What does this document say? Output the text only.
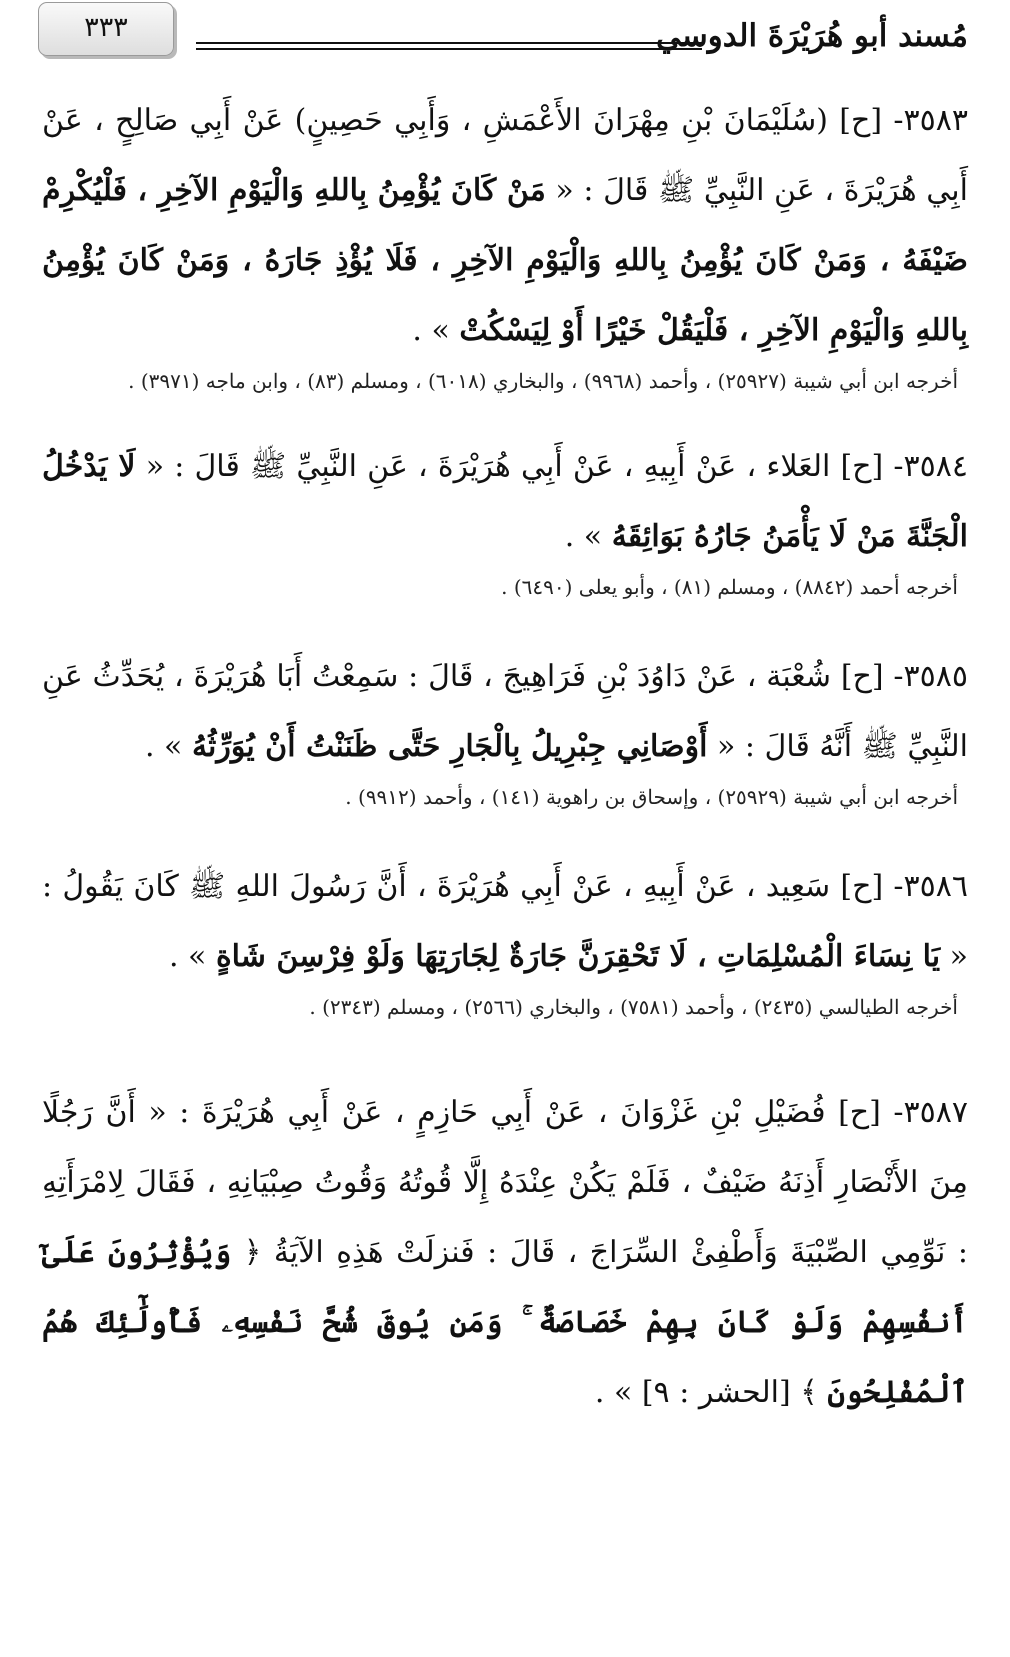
مُسند أبو هُرَيْرَةَ الدوسي
٣٣٣

٣٥٨٣- [ح] (سُلَيْمَانَ بْنِ مِهْرَانَ الأَعْمَشِ ، وَأَبِي حَصِينٍ) عَنْ أَبِي صَالِحٍ ، عَنْ أَبِي هُرَيْرَةَ ، عَنِ النَّبِيِّ ﷺ قَالَ : « مَنْ كَانَ يُؤْمِنُ بِاللهِ وَالْيَوْمِ الآخِرِ ، فَلْيُكْرِمْ ضَيْفَهُ ، وَمَنْ كَانَ يُؤْمِنُ بِاللهِ وَالْيَوْمِ الآخِرِ ، فَلَا يُؤْذِ جَارَهُ ، وَمَنْ كَانَ يُؤْمِنُ بِاللهِ وَالْيَوْمِ الآخِرِ ، فَلْيَقُلْ خَيْرًا أَوْ لِيَسْكُتْ » .

أخرجه ابن أبي شيبة (٢٥٩٢٧) ، وأحمد (٩٩٦٨) ، والبخاري (٦٠١٨) ، ومسلم (٨٣) ، وابن ماجه (٣٩٧١) .

٣٥٨٤- [ح] العَلاء ، عَنْ أَبِيهِ ، عَنْ أَبِي هُرَيْرَةَ ، عَنِ النَّبِيِّ ﷺ قَالَ : « لَا يَدْخُلُ الْجَنَّةَ مَنْ لَا يَأْمَنُ جَارُهُ بَوَائِقَهُ » .

أخرجه أحمد (٨٨٤٢) ، ومسلم (٨١) ، وأبو يعلى (٦٤٩٠) .

٣٥٨٥- [ح] شُعْبَة ، عَنْ دَاوُدَ بْنِ فَرَاهِيجَ ، قَالَ : سَمِعْتُ أَبَا هُرَيْرَةَ ، يُحَدِّثُ عَنِ النَّبِيِّ ﷺ أَنَّهُ قَالَ : « أَوْصَانِي جِبْرِيلُ بِالْجَارِ حَتَّى ظَنَنْتُ أَنْ يُوَرِّثُهُ » .

أخرجه ابن أبي شيبة (٢٥٩٢٩) ، وإسحاق بن راهوية (١٤١) ، وأحمد (٩٩١٢) .

٣٥٨٦- [ح] سَعِيد ، عَنْ أَبِيهِ ، عَنْ أَبِي هُرَيْرَةَ ، أَنَّ رَسُولَ اللهِ ﷺ كَانَ يَقُولُ : « يَا نِسَاءَ الْمُسْلِمَاتِ ، لَا تَحْقِرَنَّ جَارَةٌ لِجَارَتِهَا وَلَوْ فِرْسِنَ شَاةٍ » .

أخرجه الطيالسي (٢٤٣٥) ، وأحمد (٧٥٨١) ، والبخاري (٢٥٦٦) ، ومسلم (٢٣٤٣) .

٣٥٨٧- [ح] فُضَيْلِ بْنِ غَزْوَانَ ، عَنْ أَبِي حَازِمٍ ، عَنْ أَبِي هُرَيْرَةَ : « أَنَّ رَجُلًا مِنَ الأَنْصَارِ أَذِنَهُ ضَيْفٌ ، فَلَمْ يَكُنْ عِنْدَهُ إِلَّا قُوتُهُ وَقُوتُ صِبْيَانِهِ ، فَقَالَ لِامْرَأَتِهِ : نَوِّمِي الصِّبْيَةَ وَأَطْفِئْ السِّرَاجَ ، قَالَ : فَنزلَتْ هَذِهِ الآيَةُ ﴿ وَيُؤْثِرُونَ عَلَىٰٓ أَنفُسِهِمْ وَلَوْ كَانَ بِهِمْ خَصَاصَةٌ ۚ وَمَن يُوقَ شُحَّ نَفْسِهِۦ فَأُولَٰٓئِكَ هُمُ ٱلْمُفْلِحُونَ ﴾ [الحشر : ٩] » .
